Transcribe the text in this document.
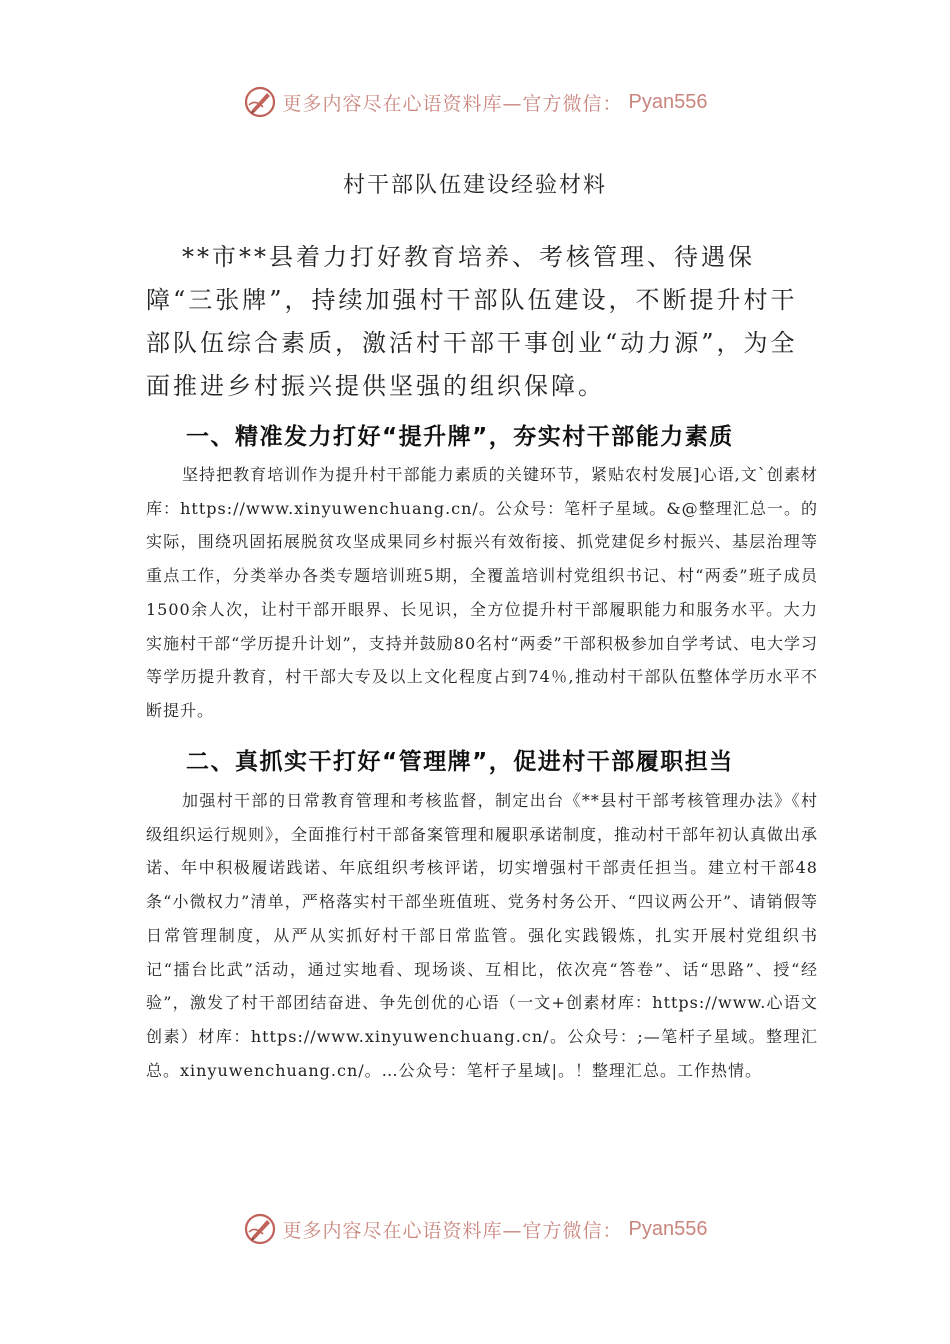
更多内容尽在心语资料库—官方微信： Pyan556
村干部队伍建设经验材料

**市**县着力打好教育培养、考核管理、待遇保障“三张牌”，持续加强村干部队伍建设，不断提升村干部队伍综合素质，激活村干部干事创业“动力源”，为全面推进乡村振兴提供坚强的组织保障。

一、精准发力打好“提升牌”，夯实村干部能力素质

坚持把教育培训作为提升村干部能力素质的关键环节，紧贴农村发展]心语,文`创素材库：https://www.xinyuwenchuang.cn/。公众号：笔杆子星域。&@整理汇总一。的实际，围绕巩固拓展脱贫攻坚成果同乡村振兴有效衔接、抓党建促乡村振兴、基层治理等重点工作，分类举办各类专题培训班5期，全覆盖培训村党组织书记、村“两委”班子成员1500余人次，让村干部开眼界、长见识，全方位提升村干部履职能力和服务水平。大力实施村干部“学历提升计划”，支持并鼓励80名村“两委”干部积极参加自学考试、电大学习等学历提升教育，村干部大专及以上文化程度占到74％,推动村干部队伍整体学历水平不断提升。

二、真抓实干打好“管理牌”，促进村干部履职担当

加强村干部的日常教育管理和考核监督，制定出台《**县村干部考核管理办法》《村级组织运行规则》，全面推行村干部备案管理和履职承诺制度，推动村干部年初认真做出承诺、年中积极履诺践诺、年底组织考核评诺，切实增强村干部责任担当。建立村干部48条“小微权力”清单，严格落实村干部坐班值班、党务村务公开、“四议两公开”、请销假等日常管理制度，从严从实抓好村干部日常监管。强化实践锻炼，扎实开展村党组织书记“擂台比武”活动，通过实地看、现场谈、互相比，依次亮“答卷”、话“思路”、授“经验”，激发了村干部团结奋进、争先创优的心语（一文+创素材库：https://www.心语文创素）材库：https://www.xinyuwenchuang.cn/。公众号：;—笔杆子星域。整理汇总。xinyuwenchuang.cn/。…公众号：笔杆子星域|。！整理汇总。工作热情。

更多内容尽在心语资料库—官方微信： Pyan556
